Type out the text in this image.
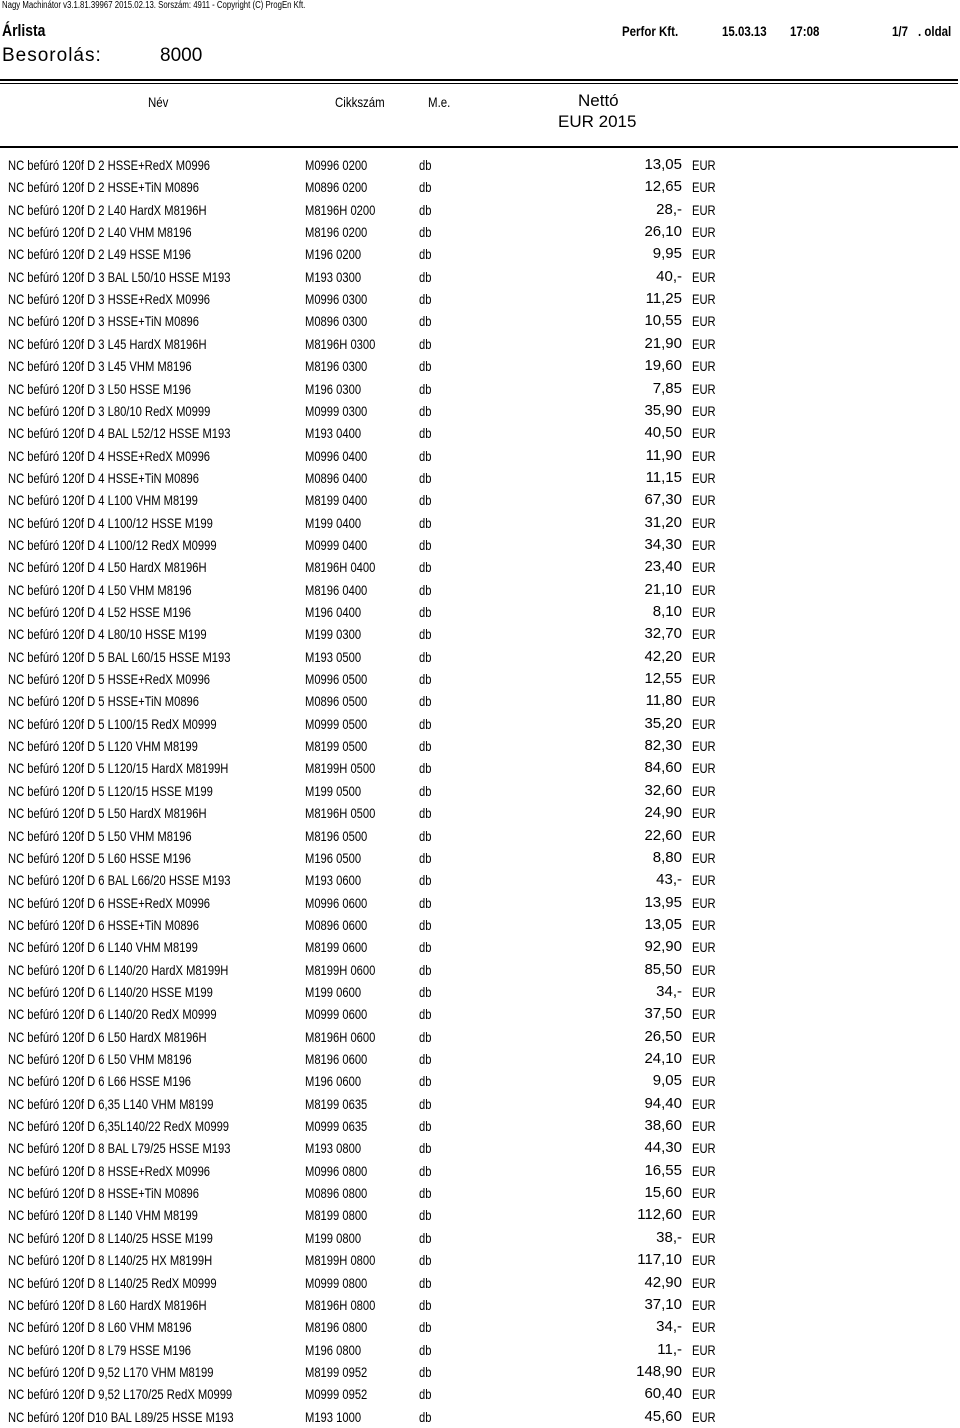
Nagy Machinátor v3.1.81.39967 2015.02.13. Sorszám: 4911 - Copyright (C) ProgEn Kft.
Árlista	Perfor Kft.	15.03.13 17:08	1/7 . oldal
Besorolás:	8000
Név	Cikkszám	M.e.	Nettó
EUR 2015
NC befúró 120f D 2 HSSE+RedX M0996	M0996 0200	db	13,05 EUR
NC befúró 120f D 2 HSSE+TiN M0896	M0896 0200	db	12,65 EUR
NC befúró 120f D 2 L40 HardX M8196H	M8196H 0200	db	28,- EUR
NC befúró 120f D 2 L40 VHM M8196	M8196 0200	db	26,10 EUR
NC befúró 120f D 2 L49 HSSE M196	M196 0200	db	9,95 EUR
NC befúró 120f D 3 BAL L50/10 HSSE M193	M193 0300	db	40,- EUR
NC befúró 120f D 3 HSSE+RedX M0996	M0996 0300	db	11,25 EUR
NC befúró 120f D 3 HSSE+TiN M0896	M0896 0300	db	10,55 EUR
NC befúró 120f D 3 L45 HardX M8196H	M8196H 0300	db	21,90 EUR
NC befúró 120f D 3 L45 VHM M8196	M8196 0300	db	19,60 EUR
NC befúró 120f D 3 L50 HSSE M196	M196 0300	db	7,85 EUR
NC befúró 120f D 3 L80/10 RedX M0999	M0999 0300	db	35,90 EUR
NC befúró 120f D 4 BAL L52/12 HSSE M193	M193 0400	db	40,50 EUR
NC befúró 120f D 4 HSSE+RedX M0996	M0996 0400	db	11,90 EUR
NC befúró 120f D 4 HSSE+TiN M0896	M0896 0400	db	11,15 EUR
NC befúró 120f D 4 L100 VHM M8199	M8199 0400	db	67,30 EUR
NC befúró 120f D 4 L100/12 HSSE M199	M199 0400	db	31,20 EUR
NC befúró 120f D 4 L100/12 RedX M0999	M0999 0400	db	34,30 EUR
NC befúró 120f D 4 L50 HardX M8196H	M8196H 0400	db	23,40 EUR
NC befúró 120f D 4 L50 VHM M8196	M8196 0400	db	21,10 EUR
NC befúró 120f D 4 L52 HSSE M196	M196 0400	db	8,10 EUR
NC befúró 120f D 4 L80/10 HSSE M199	M199 0300	db	32,70 EUR
NC befúró 120f D 5 BAL L60/15 HSSE M193	M193 0500	db	42,20 EUR
NC befúró 120f D 5 HSSE+RedX M0996	M0996 0500	db	12,55 EUR
NC befúró 120f D 5 HSSE+TiN M0896	M0896 0500	db	11,80 EUR
NC befúró 120f D 5 L100/15 RedX M0999	M0999 0500	db	35,20 EUR
NC befúró 120f D 5 L120 VHM M8199	M8199 0500	db	82,30 EUR
NC befúró 120f D 5 L120/15 HardX M8199H	M8199H 0500	db	84,60 EUR
NC befúró 120f D 5 L120/15 HSSE M199	M199 0500	db	32,60 EUR
NC befúró 120f D 5 L50 HardX M8196H	M8196H 0500	db	24,90 EUR
NC befúró 120f D 5 L50 VHM M8196	M8196 0500	db	22,60 EUR
NC befúró 120f D 5 L60 HSSE M196	M196 0500	db	8,80 EUR
NC befúró 120f D 6 BAL L66/20 HSSE M193	M193 0600	db	43,- EUR
NC befúró 120f D 6 HSSE+RedX M0996	M0996 0600	db	13,95 EUR
NC befúró 120f D 6 HSSE+TiN M0896	M0896 0600	db	13,05 EUR
NC befúró 120f D 6 L140 VHM M8199	M8199 0600	db	92,90 EUR
NC befúró 120f D 6 L140/20 HardX M8199H	M8199H 0600	db	85,50 EUR
NC befúró 120f D 6 L140/20 HSSE M199	M199 0600	db	34,- EUR
NC befúró 120f D 6 L140/20 RedX M0999	M0999 0600	db	37,50 EUR
NC befúró 120f D 6 L50 HardX M8196H	M8196H 0600	db	26,50 EUR
NC befúró 120f D 6 L50 VHM M8196	M8196 0600	db	24,10 EUR
NC befúró 120f D 6 L66 HSSE M196	M196 0600	db	9,05 EUR
NC befúró 120f D 6,35 L140 VHM M8199	M8199 0635	db	94,40 EUR
NC befúró 120f D 6,35L140/22 RedX M0999	M0999 0635	db	38,60 EUR
NC befúró 120f D 8 BAL L79/25 HSSE M193	M193 0800	db	44,30 EUR
NC befúró 120f D 8 HSSE+RedX M0996	M0996 0800	db	16,55 EUR
NC befúró 120f D 8 HSSE+TiN M0896	M0896 0800	db	15,60 EUR
NC befúró 120f D 8 L140 VHM M8199	M8199 0800	db	112,60 EUR
NC befúró 120f D 8 L140/25 HSSE M199	M199 0800	db	38,- EUR
NC befúró 120f D 8 L140/25 HX M8199H	M8199H 0800	db	117,10 EUR
NC befúró 120f D 8 L140/25 RedX M0999	M0999 0800	db	42,90 EUR
NC befúró 120f D 8 L60 HardX M8196H	M8196H 0800	db	37,10 EUR
NC befúró 120f D 8 L60 VHM M8196	M8196 0800	db	34,- EUR
NC befúró 120f D 8 L79 HSSE M196	M196 0800	db	11,- EUR
NC befúró 120f D 9,52 L170 VHM M8199	M8199 0952	db	148,90 EUR
NC befúró 120f D 9,52 L170/25 RedX M0999	M0999 0952	db	60,40 EUR
NC befúró 120f D10 BAL L89/25 HSSE M193	M193 1000	db	45,60 EUR
